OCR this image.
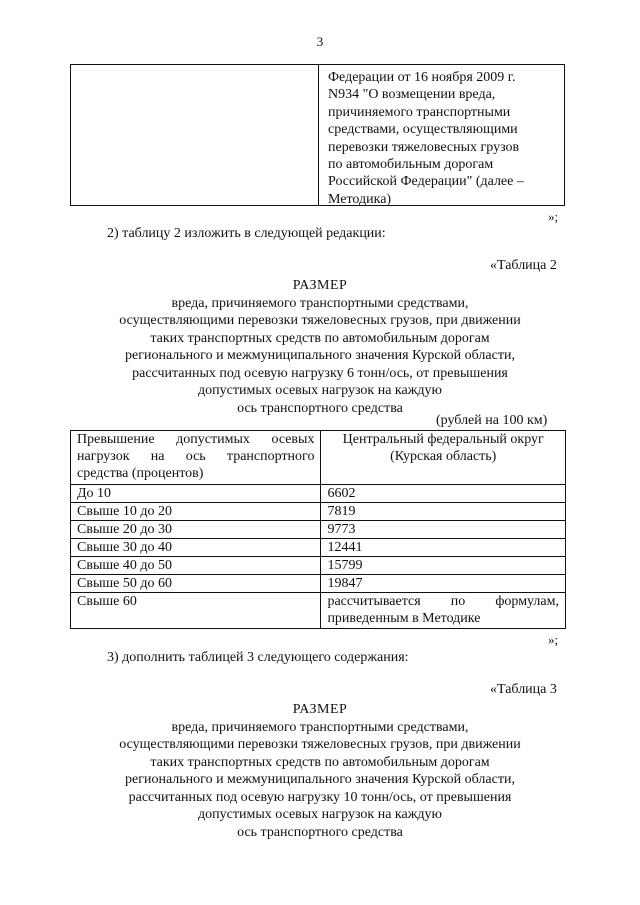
3
Федерации от 16 ноября 2009 г.
N934 "О возмещении вреда,
причиняемого транспортными
средствами, осуществляющими
перевозки тяжеловесных грузов
по автомобильным дорогам
Российской Федерации" (далее –
Методика)
»;
2) таблицу 2 изложить в следующей редакции:
«Таблица 2
РАЗМЕР
вреда, причиняемого транспортными средствами,
осуществляющими перевозки тяжеловесных грузов, при движении
таких транспортных средств по автомобильным дорогам
регионального и межмуниципального значения Курской области,
рассчитанных под осевую нагрузку 6 тонн/ось, от превышения
допустимых осевых нагрузок на каждую
ось транспортного средства
(рублей на 100 км)
Превышение допустимых осевых нагрузок на ось транспортного средства (процентов)	Центральный федеральный округ (Курская область)
До 10	6602
Свыше 10 до 20	7819
Свыше 20 до 30	9773
Свыше 30 до 40	12441
Свыше 40 до 50	15799
Свыше 50 до 60	19847
Свыше 60	рассчитывается по формулам, приведенным в Методике
»;
3) дополнить таблицей 3 следующего содержания:
«Таблица 3
РАЗМЕР
вреда, причиняемого транспортными средствами,
осуществляющими перевозки тяжеловесных грузов, при движении
таких транспортных средств по автомобильным дорогам
регионального и межмуниципального значения Курской области,
рассчитанных под осевую нагрузку 10 тонн/ось, от превышения
допустимых осевых нагрузок на каждую
ось транспортного средства
